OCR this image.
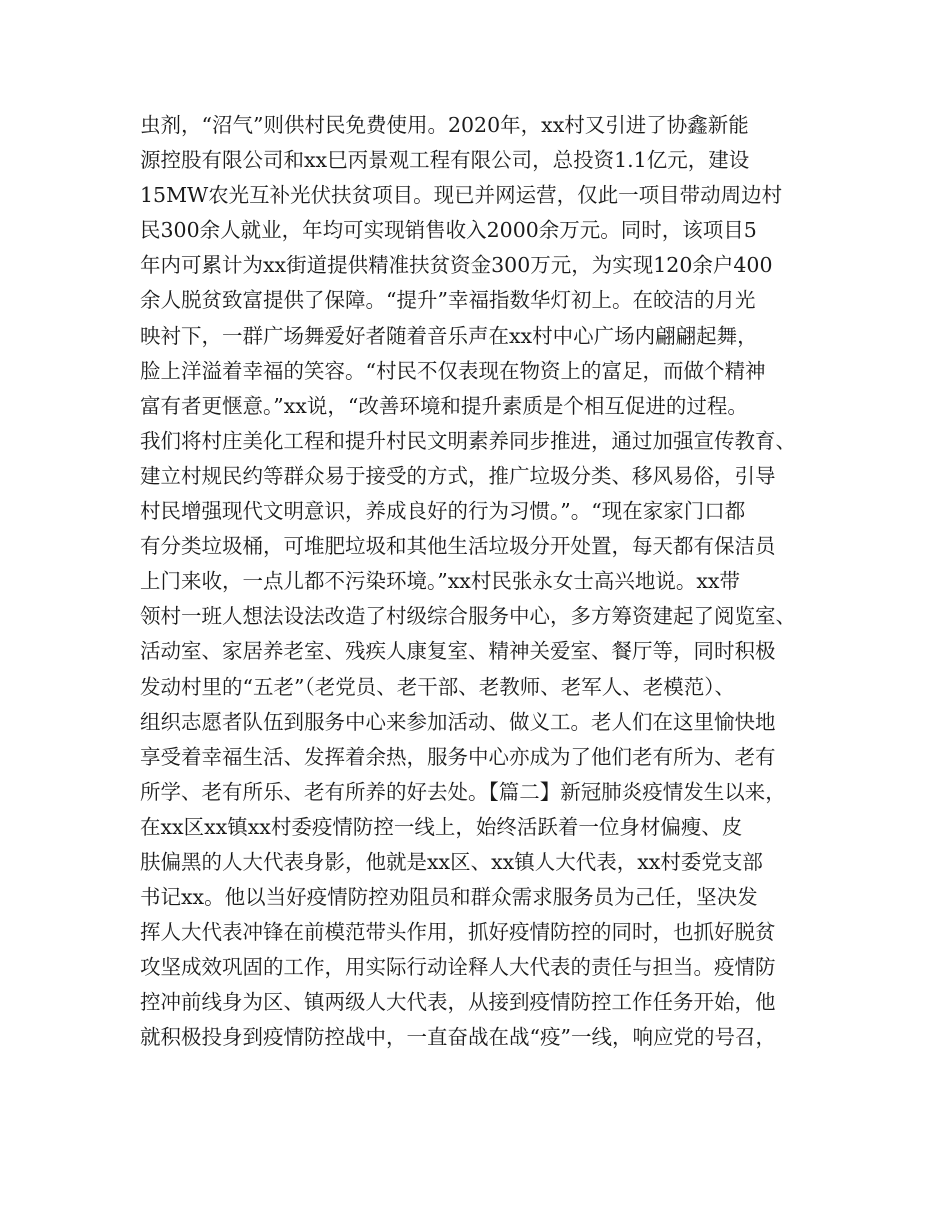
虫剂，“沼气”则供村民免费使用。2020年，xx村又引进了协鑫新能
源控股有限公司和xx巳丙景观工程有限公司，总投资1.1亿元，建设
15MW农光互补光伏扶贫项目。现已并网运营，仅此一项目带动周边村
民300余人就业，年均可实现销售收入2000余万元。同时，该项目5
年内可累计为xx街道提供精准扶贫资金300万元，为实现120余户400
余人脱贫致富提供了保障。“提升”幸福指数华灯初上。在皎洁的月光
映衬下，一群广场舞爱好者随着音乐声在xx村中心广场内翩翩起舞，
脸上洋溢着幸福的笑容。“村民不仅表现在物资上的富足，而做个精神
富有者更惬意。”xx说，“改善环境和提升素质是个相互促进的过程。
我们将村庄美化工程和提升村民文明素养同步推进，通过加强宣传教育、
建立村规民约等群众易于接受的方式，推广垃圾分类、移风易俗，引导
村民增强现代文明意识，养成良好的行为习惯。”。“现在家家门口都
有分类垃圾桶，可堆肥垃圾和其他生活垃圾分开处置，每天都有保洁员
上门来收，一点儿都不污染环境。”xx村民张永女士高兴地说。xx带
领村一班人想法设法改造了村级综合服务中心，多方筹资建起了阅览室、
活动室、家居养老室、残疾人康复室、精神关爱室、餐厅等，同时积极
发动村里的“五老”（老党员、老干部、老教师、老军人、老模范）、
组织志愿者队伍到服务中心来参加活动、做义工。老人们在这里愉快地
享受着幸福生活、发挥着余热，服务中心亦成为了他们老有所为、老有
所学、老有所乐、老有所养的好去处。【篇二】新冠肺炎疫情发生以来，
在xx区xx镇xx村委疫情防控一线上，始终活跃着一位身材偏瘦、皮
肤偏黑的人大代表身影，他就是xx区、xx镇人大代表，xx村委党支部
书记xx。他以当好疫情防控劝阻员和群众需求服务员为己任，坚决发
挥人大代表冲锋在前模范带头作用，抓好疫情防控的同时，也抓好脱贫
攻坚成效巩固的工作，用实际行动诠释人大代表的责任与担当。疫情防
控冲前线身为区、镇两级人大代表，从接到疫情防控工作任务开始，他
就积极投身到疫情防控战中，一直奋战在战“疫”一线，响应党的号召，
